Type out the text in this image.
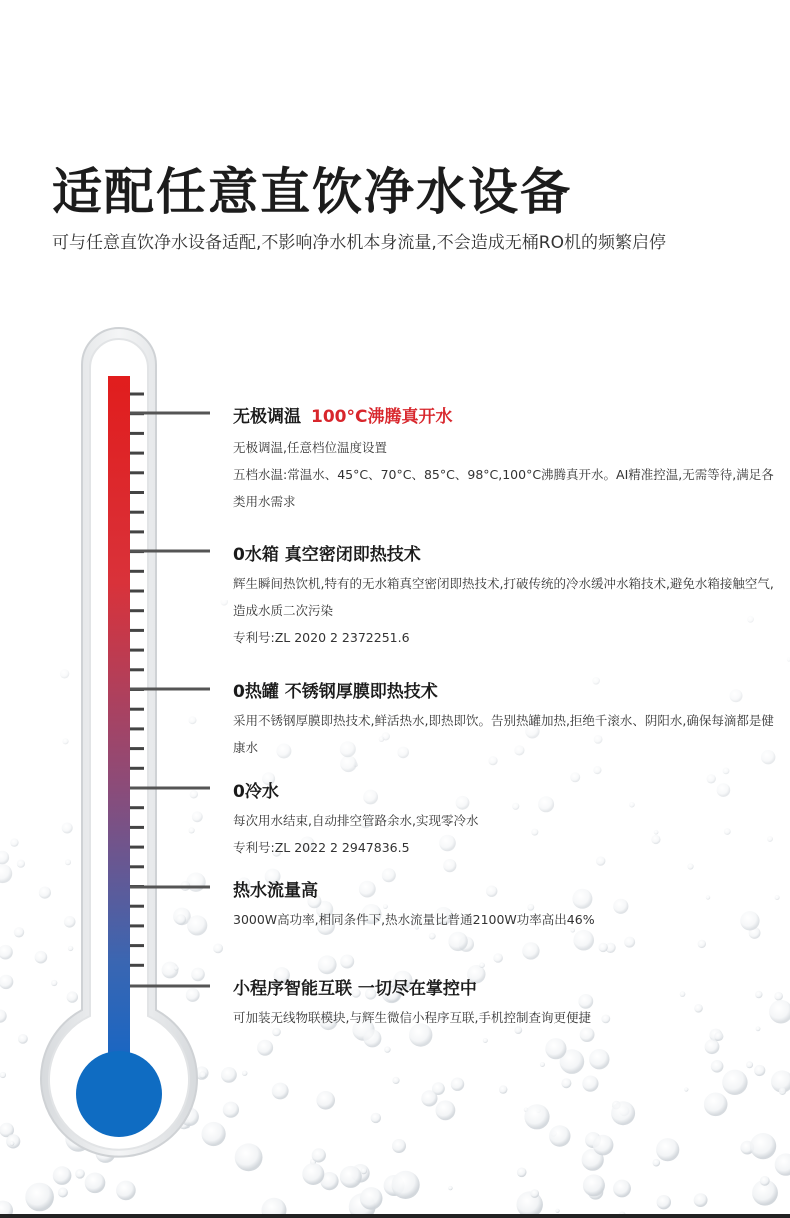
适配任意直饮净水设备
可与任意直饮净水设备适配,不影响净水机本身流量,不会造成无桶RO机的频繁启停
无极调温 100°C沸腾真开水
无极调温,任意档位温度设置
五档水温:常温水、45°C、70°C、85°C、98°C,100°C沸腾真开水。AI精准控温,无需等待,满足各类用水需求
0水箱 真空密闭即热技术
辉生瞬间热饮机,特有的无水箱真空密闭即热技术,打破传统的冷水缓冲水箱技术,避免水箱接触空气,造成水质二次污染
专利号:ZL 2020 2 2372251.6
0热罐 不锈钢厚膜即热技术
采用不锈钢厚膜即热技术,鲜活热水,即热即饮。告别热罐加热,拒绝千滚水、阴阳水,确保每滴都是健康水
0冷水
每次用水结束,自动排空管路余水,实现零冷水
专利号:ZL 2022 2 2947836.5
热水流量高
3000W高功率,相同条件下,热水流量比普通2100W功率高出46%
小程序智能互联 一切尽在掌控中
可加装无线物联模块,与辉生微信小程序互联,手机控制查询更便捷
